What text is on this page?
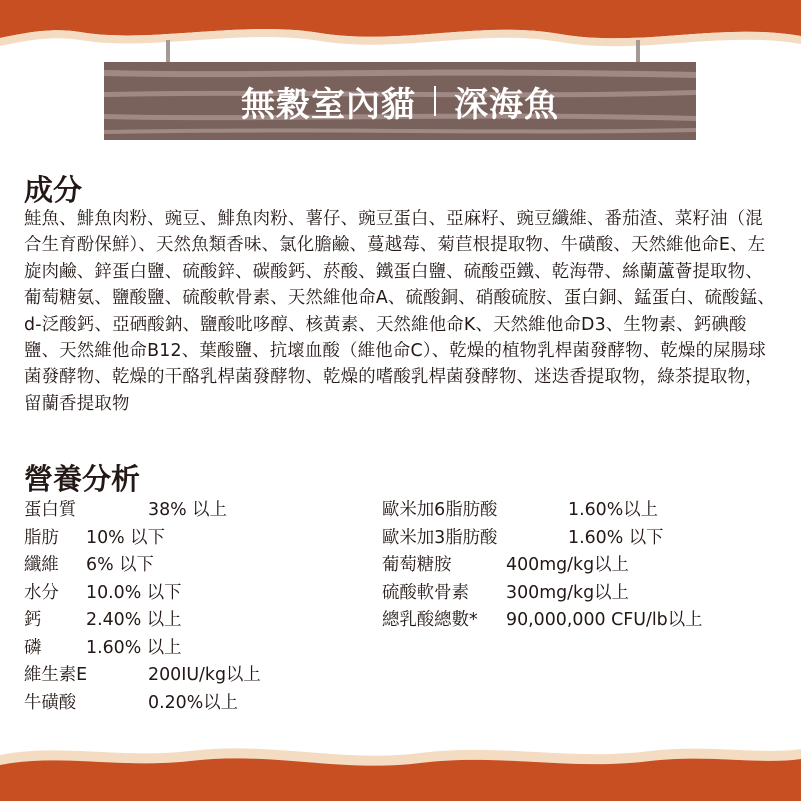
無穀室內貓 深海魚
成分
鮭魚、鯡魚肉粉、豌豆、鯡魚肉粉、薯仔、豌豆蛋白、亞麻籽、豌豆纖維、番茄渣、菜籽油（混合生育酚保鮮）、天然魚類香味、氯化膽鹼、蔓越莓、菊苣根提取物、牛磺酸、天然維他命E、左旋肉鹼、鋅蛋白鹽、硫酸鋅、碳酸鈣、菸酸、鐵蛋白鹽、硫酸亞鐵、乾海帶、絲蘭蘆薈提取物、葡萄糖氨、鹽酸鹽、硫酸軟骨素、天然維他命A、硫酸銅、硝酸硫胺、蛋白銅、錳蛋白、硫酸錳、d-泛酸鈣、亞硒酸鈉、鹽酸吡哆醇、核黃素、天然維他命K、天然維他命D3、生物素、鈣碘酸鹽、天然維他命B12、葉酸鹽、抗壞血酸（維他命C）、乾燥的植物乳桿菌發酵物、乾燥的屎腸球菌發酵物、乾燥的干酪乳桿菌發酵物、乾燥的嗜酸乳桿菌發酵物、迷迭香提取物，綠茶提取物，留蘭香提取物
營養分析
蛋白質	38% 以上
脂肪 10% 以下
纖維 6% 以下
水分 10.0% 以下
鈣	2.40% 以上
磷	1.60% 以上
維生素E	200IU/kg以上
牛磺酸	0.20%以上
歐米加6脂肪酸	1.60%以上
歐米加3脂肪酸	1.60% 以下
葡萄糖胺	400mg/kg以上
硫酸軟骨素 300mg/kg以上
總乳酸總數* 90,000,000 CFU/lb以上
